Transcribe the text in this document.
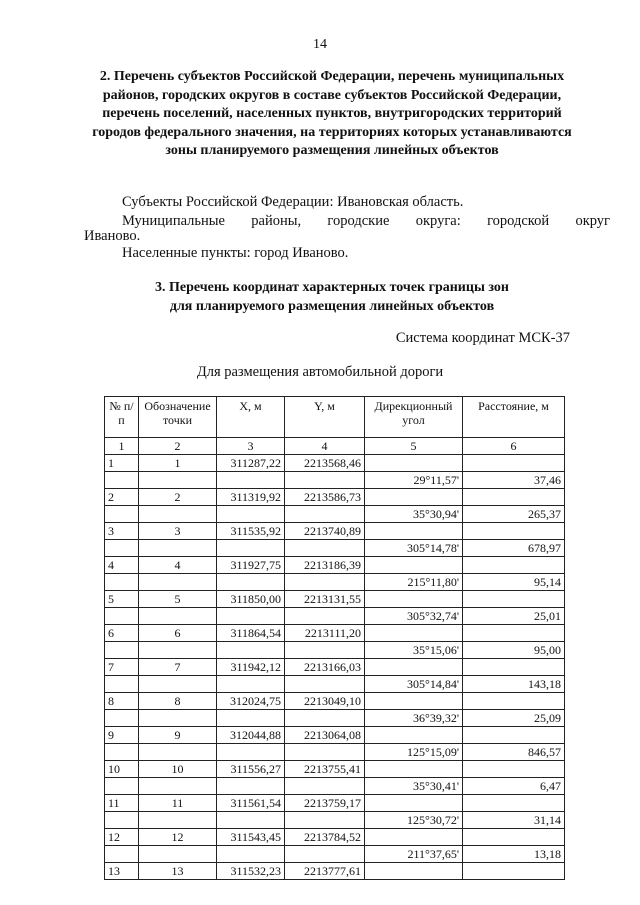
14
2. Перечень субъектов Российской Федерации, перечень муниципальных районов, городских округов в составе субъектов Российской Федерации, перечень поселений, населенных пунктов, внутригородских территорий городов федерального значения, на территориях которых устанавливаются зоны планируемого размещения линейных объектов
Субъекты Российской Федерации: Ивановская область.
Муниципальные районы, городские округа: городской округ
Иваново.
Населенные пункты: город Иваново.
3. Перечень координат характерных точек границы зон
для планируемого размещения линейных объектов
Система координат МСК-37
Для размещения автомобильной дороги
№ п/п	Обозначение точки	X, м	Y, м	Дирекционный угол	Расстояние, м
1	2	3	4	5	6
1	1	311287,22	2213568,46		
				29°11,57'	37,46
2	2	311319,92	2213586,73		
				35°30,94'	265,37
3	3	311535,92	2213740,89		
				305°14,78'	678,97
4	4	311927,75	2213186,39		
				215°11,80'	95,14
5	5	311850,00	2213131,55		
				305°32,74'	25,01
6	6	311864,54	2213111,20		
				35°15,06'	95,00
7	7	311942,12	2213166,03		
				305°14,84'	143,18
8	8	312024,75	2213049,10		
				36°39,32'	25,09
9	9	312044,88	2213064,08		
				125°15,09'	846,57
10	10	311556,27	2213755,41		
				35°30,41'	6,47
11	11	311561,54	2213759,17		
				125°30,72'	31,14
12	12	311543,45	2213784,52		
				211°37,65'	13,18
13	13	311532,23	2213777,61		
